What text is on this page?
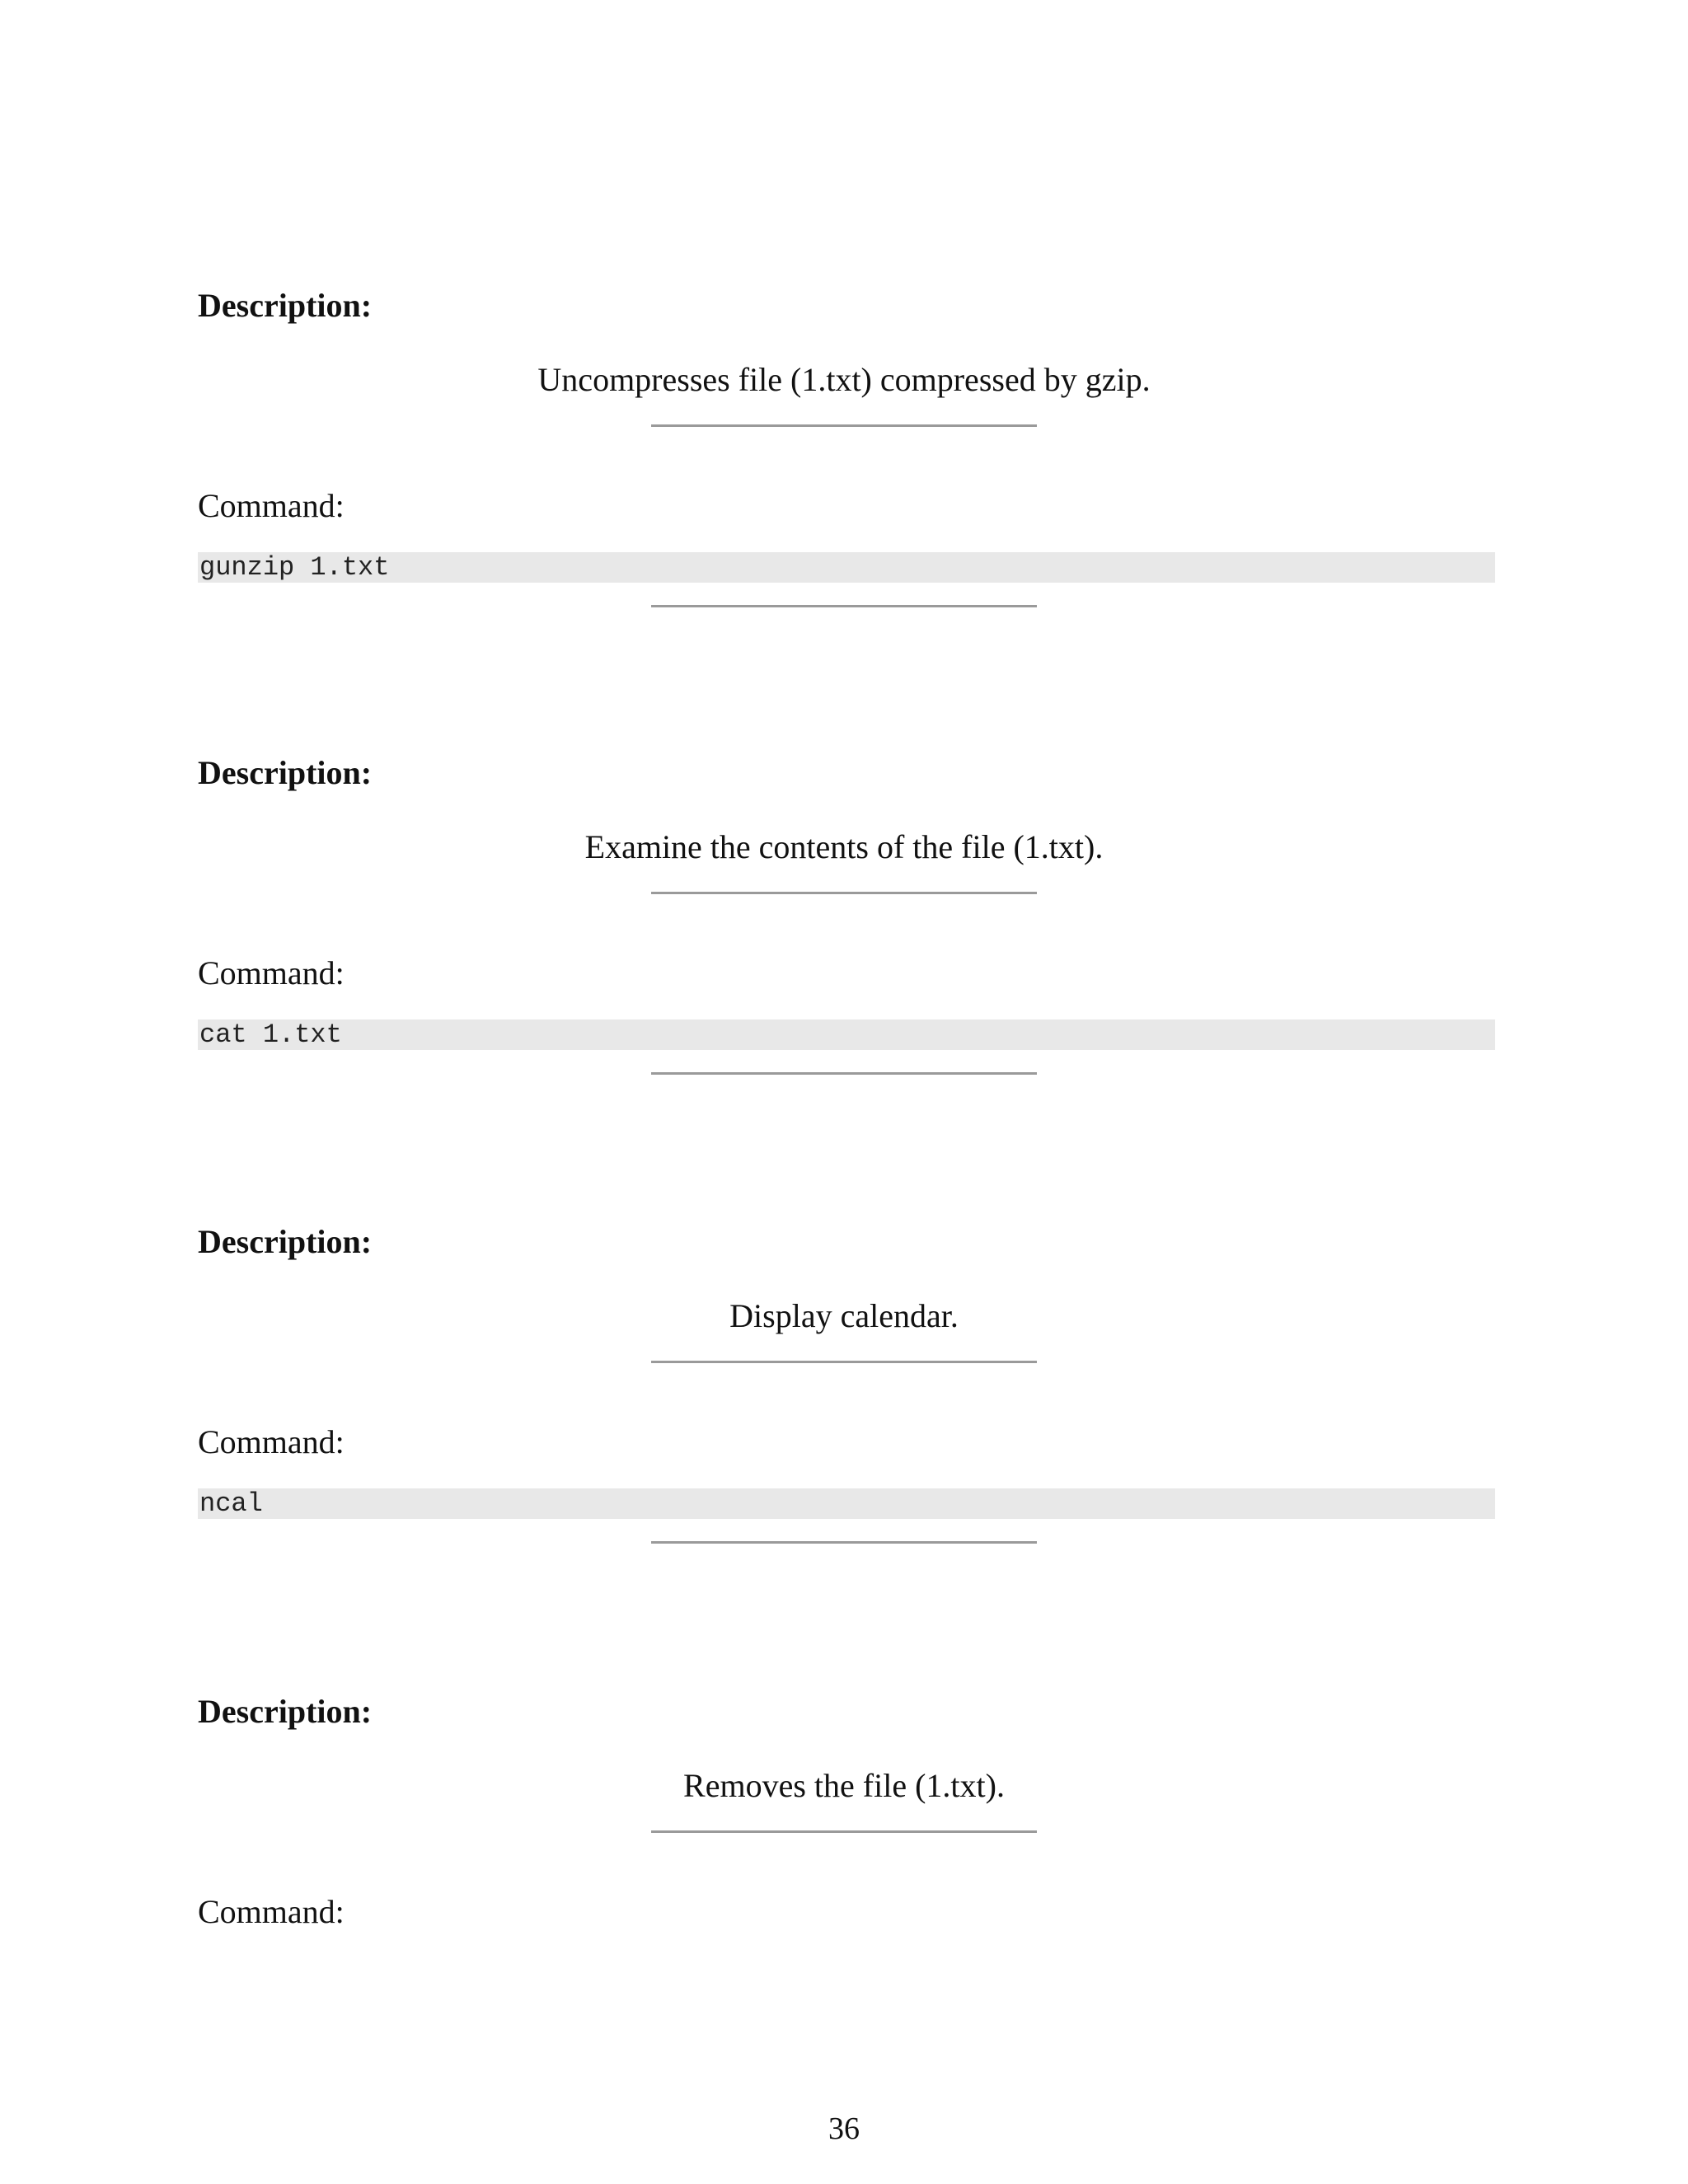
Description:
Uncompresses file (1.txt) compressed by gzip.
Command:
gunzip 1.txt
Description:
Examine the contents of the file (1.txt).
Command:
cat 1.txt
Description:
Display calendar.
Command:
ncal
Description:
Removes the file (1.txt).
Command:
36
